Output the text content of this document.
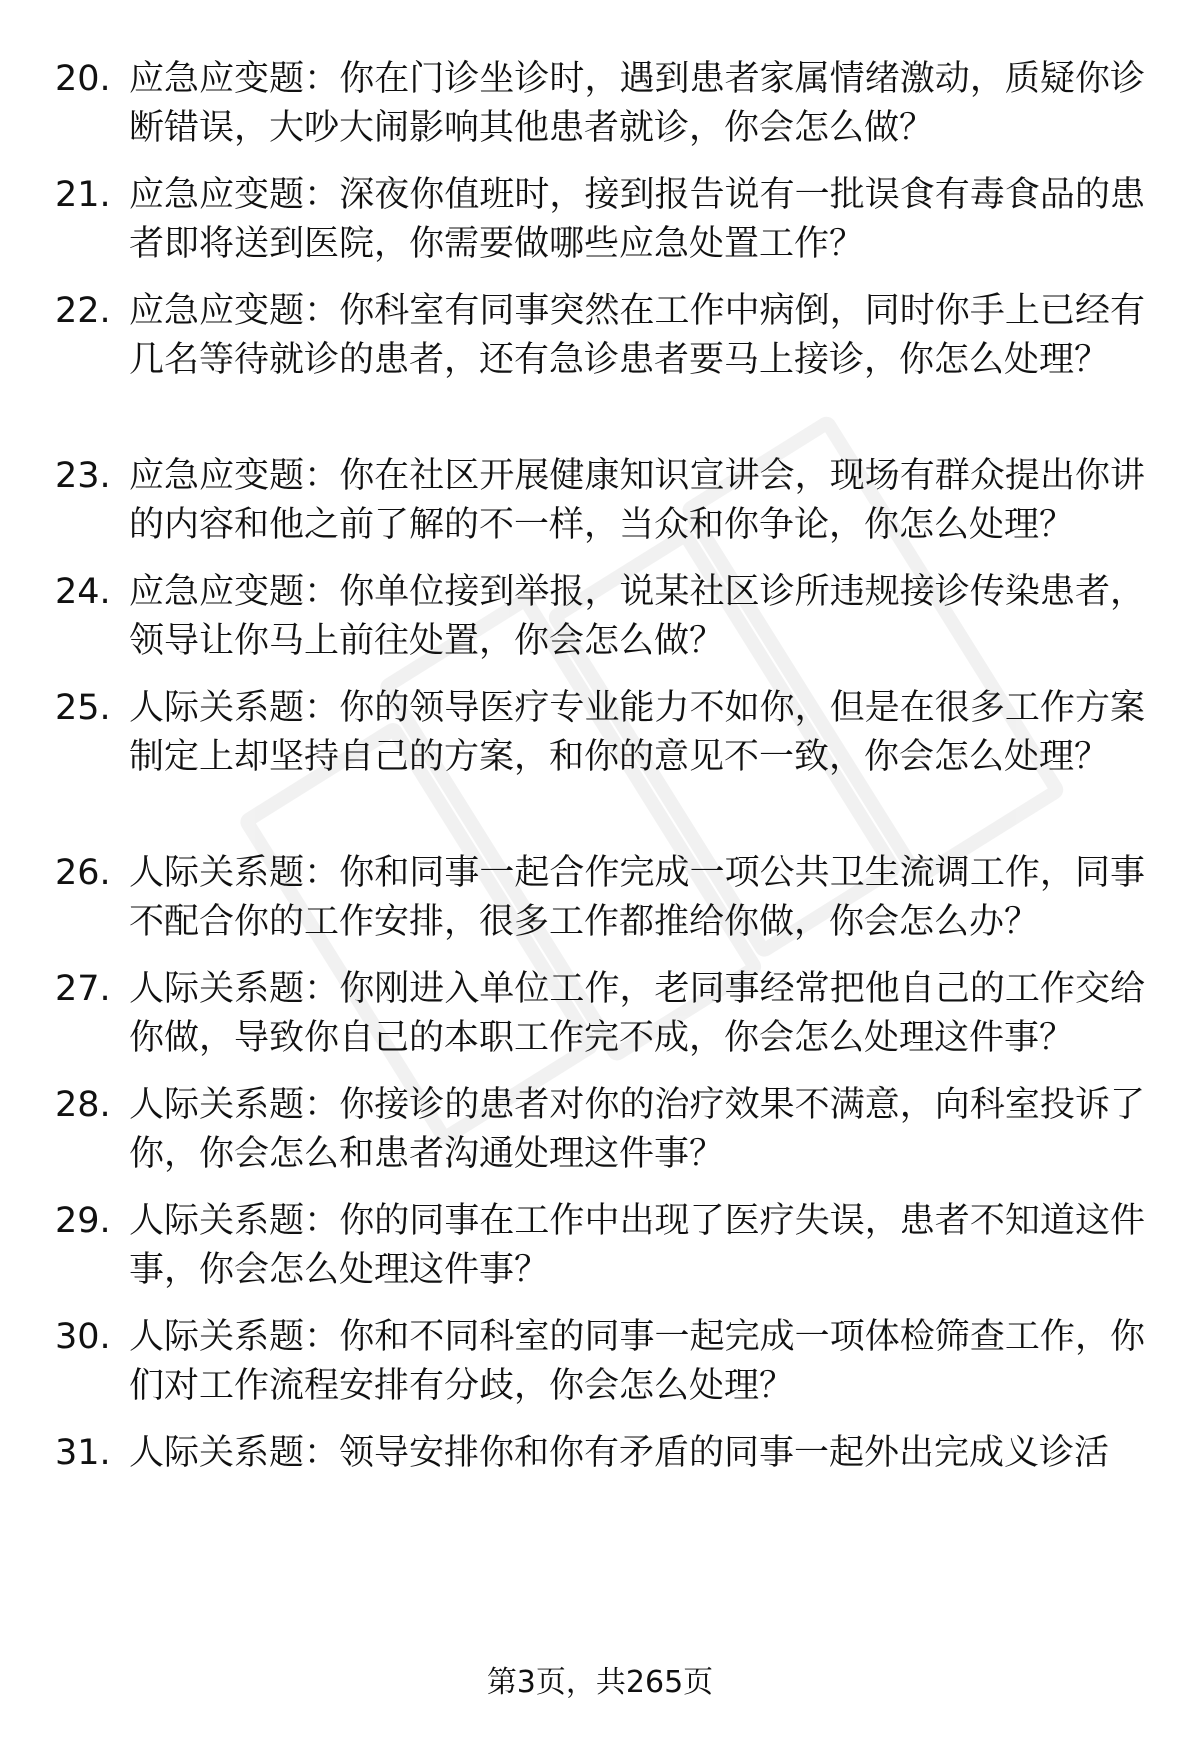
20. 应急应变题：你在门诊坐诊时，遇到患者家属情绪激动，质疑你诊断错误，大吵大闹影响其他患者就诊，你会怎么做？
21. 应急应变题：深夜你值班时，接到报告说有一批误食有毒食品的患者即将送到医院，你需要做哪些应急处置工作？
22. 应急应变题：你科室有同事突然在工作中病倒，同时你手上已经有几名等待就诊的患者，还有急诊患者要马上接诊，你怎么处理？
23. 应急应变题：你在社区开展健康知识宣讲会，现场有群众提出你讲的内容和他之前了解的不一样，当众和你争论，你怎么处理？
24. 应急应变题：你单位接到举报，说某社区诊所违规接诊传染患者，领导让你马上前往处置，你会怎么做？
25. 人际关系题：你的领导医疗专业能力不如你，但是在很多工作方案制定上却坚持自己的方案，和你的意见不一致，你会怎么处理？
26. 人际关系题：你和同事一起合作完成一项公共卫生流调工作，同事不配合你的工作安排，很多工作都推给你做，你会怎么办？
27. 人际关系题：你刚进入单位工作，老同事经常把他自己的工作交给你做，导致你自己的本职工作完不成，你会怎么处理这件事？
28. 人际关系题：你接诊的患者对你的治疗效果不满意，向科室投诉了你，你会怎么和患者沟通处理这件事？
29. 人际关系题：你的同事在工作中出现了医疗失误，患者不知道这件事，你会怎么处理这件事？
30. 人际关系题：你和不同科室的同事一起完成一项体检筛查工作，你们对工作流程安排有分歧，你会怎么处理？
31. 人际关系题：领导安排你和你有矛盾的同事一起外出完成义诊活
第3页，共265页
